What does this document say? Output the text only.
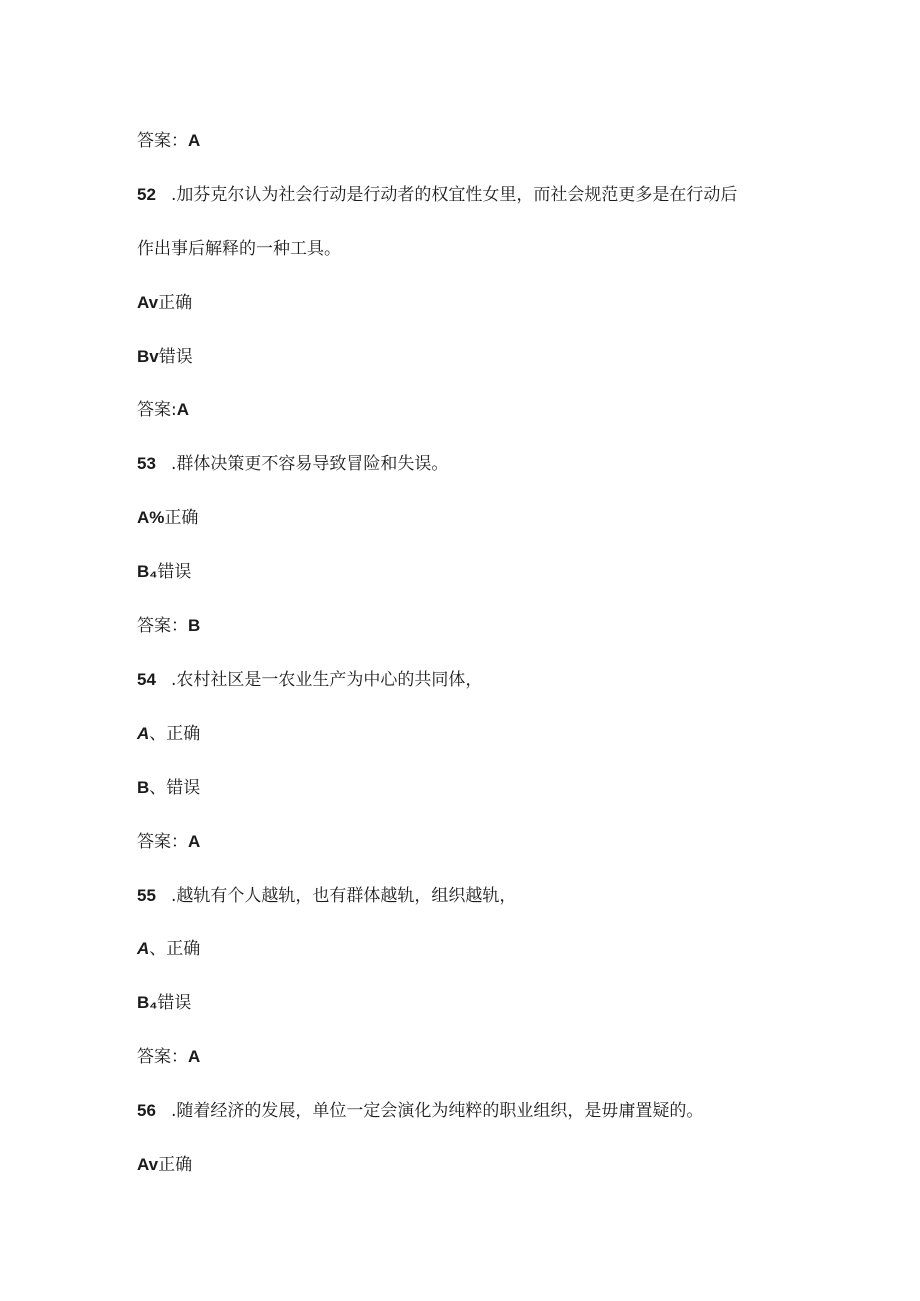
答案：A
52 .加芬克尔认为社会行动是行动者的权宜性女里，而社会规范更多是在行动后
作出事后解释的一种工具。
Av正确
Bv错误
答案:A
53 .群体决策更不容易导致冒险和失误。
A%正确
B₄错误
答案：B
54 .农村社区是一农业生产为中心的共同体，
A、正确
B、错误
答案：A
55 .越轨有个人越轨，也有群体越轨，组织越轨，
A、正确
B₄错误
答案：A
56 .随着经济的发展，单位一定会演化为纯粹的职业组织，是毋庸置疑的。
Av正确
